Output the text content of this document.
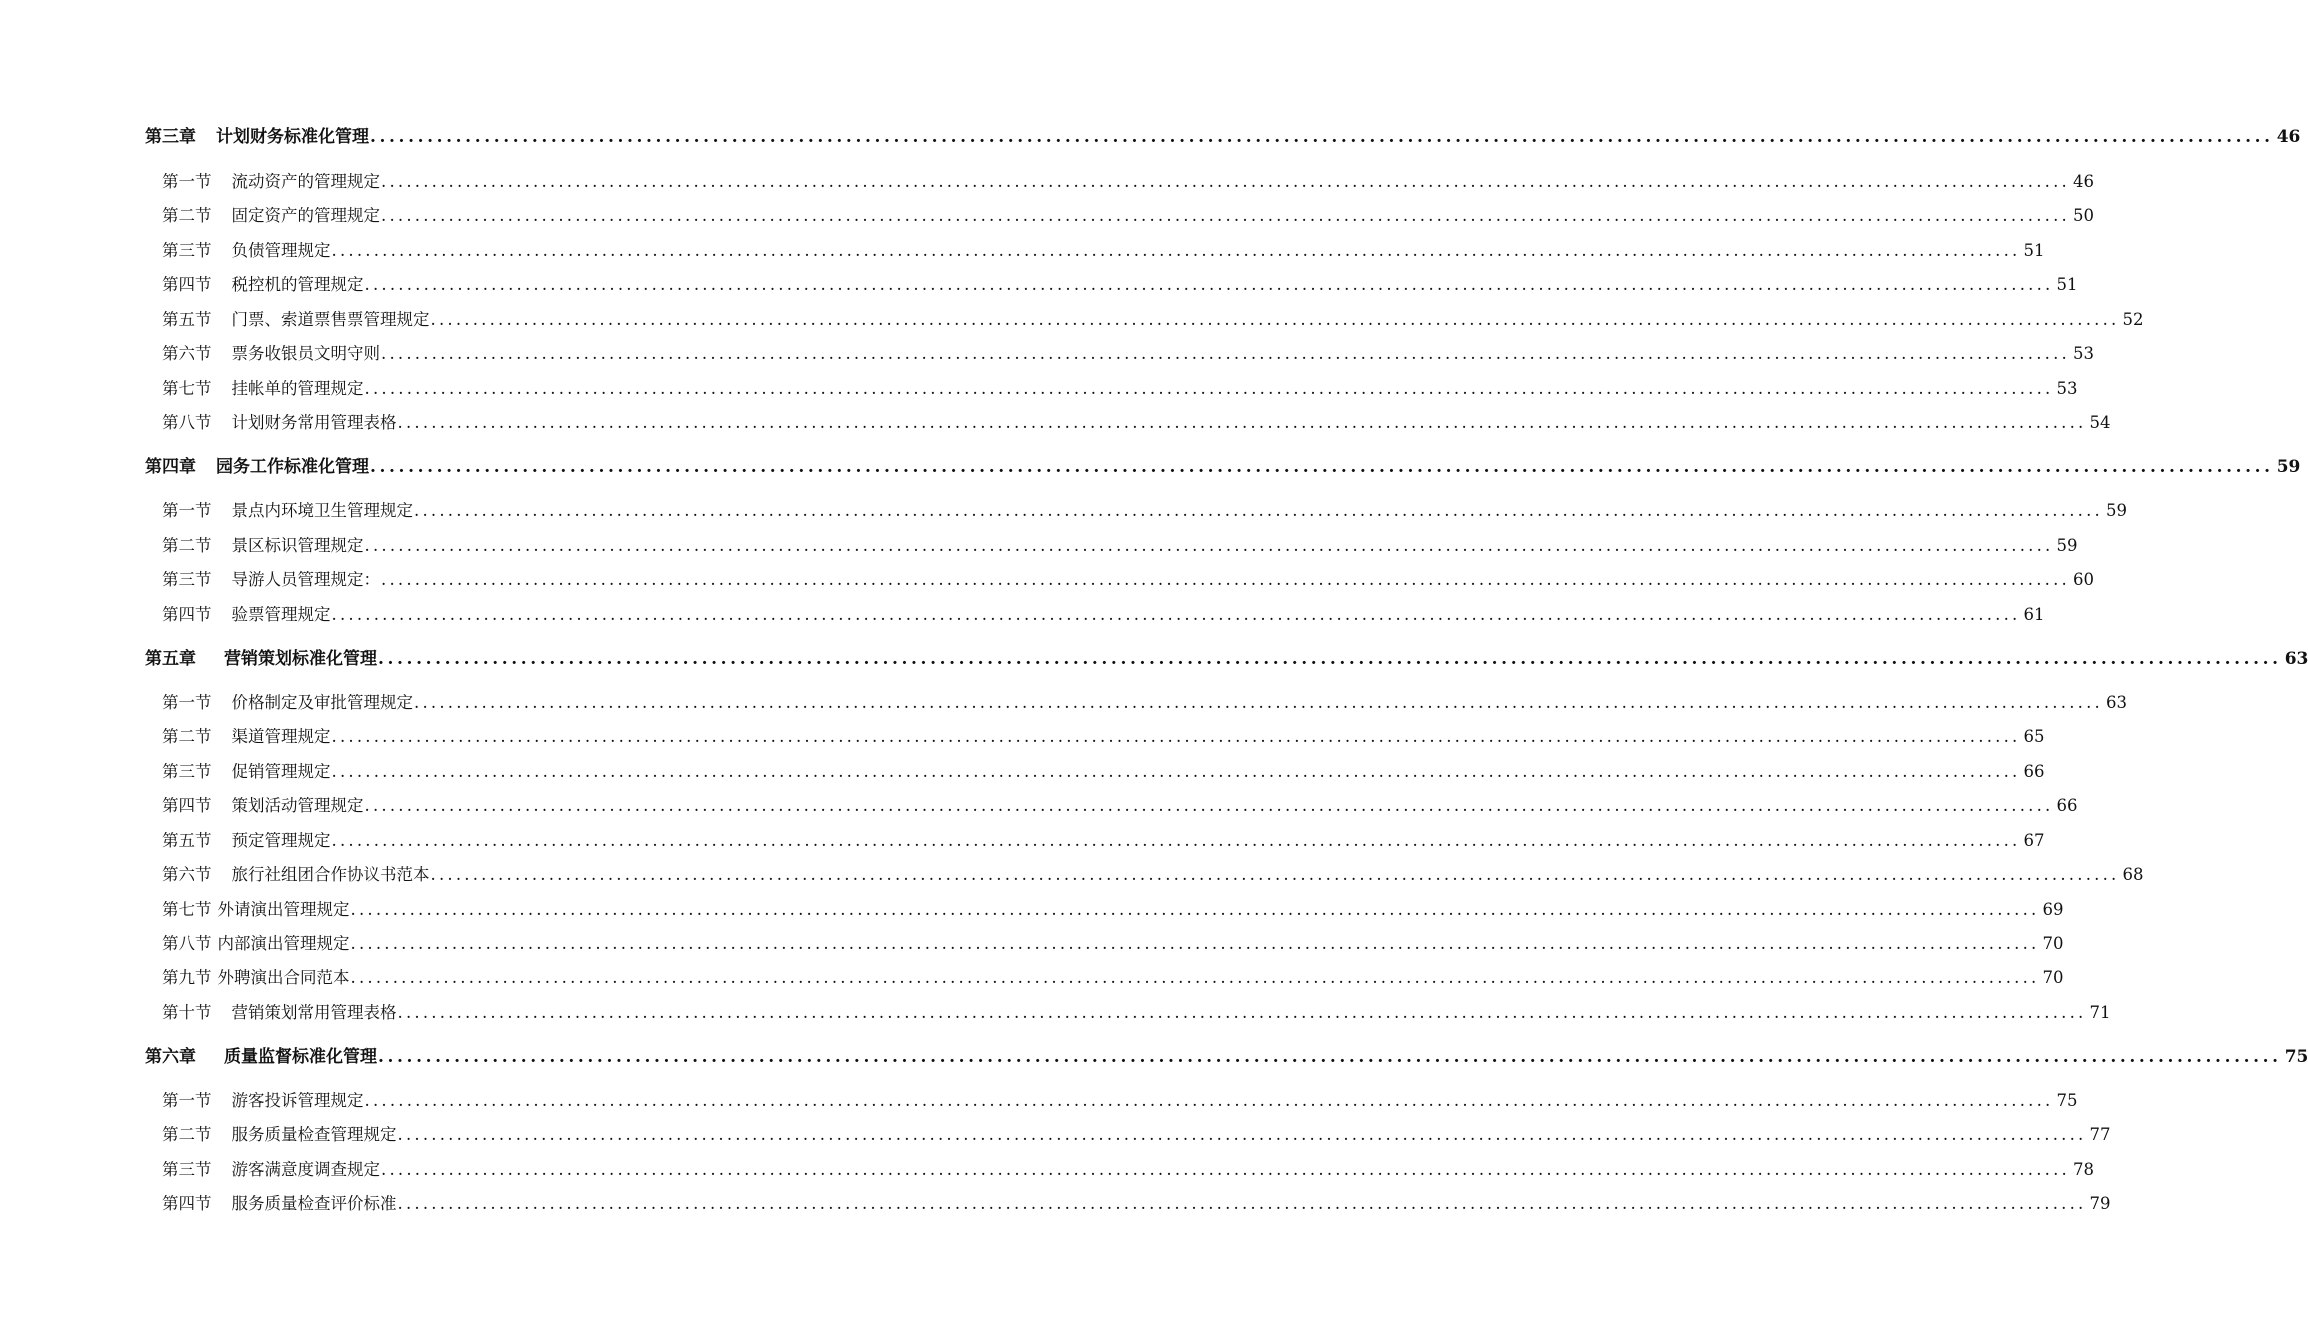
第三章 计划财务标准化管理 ........................................................................................................................................................................................................ 46
第一节 流动资产的管理规定 ........................................................................................................................................................................................................ 46
第二节 固定资产的管理规定 ........................................................................................................................................................................................................ 50
第三节 负债管理规定 ........................................................................................................................................................................................................ 51
第四节 税控机的管理规定 ........................................................................................................................................................................................................ 51
第五节 门票、索道票售票管理规定 ........................................................................................................................................................................................................ 52
第六节 票务收银员文明守则 ........................................................................................................................................................................................................ 53
第七节 挂帐单的管理规定 ........................................................................................................................................................................................................ 53
第八节 计划财务常用管理表格 ........................................................................................................................................................................................................ 54
第四章 园务工作标准化管理 ........................................................................................................................................................................................................ 59
第一节 景点内环境卫生管理规定 ........................................................................................................................................................................................................ 59
第二节 景区标识管理规定 ........................................................................................................................................................................................................ 59
第三节 导游人员管理规定： ........................................................................................................................................................................................................ 60
第四节 验票管理规定 ........................................................................................................................................................................................................ 61
第五章 营销策划标准化管理 ........................................................................................................................................................................................................ 63
第一节 价格制定及审批管理规定 ........................................................................................................................................................................................................ 63
第二节 渠道管理规定 ........................................................................................................................................................................................................ 65
第三节 促销管理规定 ........................................................................................................................................................................................................ 66
第四节 策划活动管理规定 ........................................................................................................................................................................................................ 66
第五节 预定管理规定 ........................................................................................................................................................................................................ 67
第六节 旅行社组团合作协议书范本 ........................................................................................................................................................................................................ 68
第七节 外请演出管理规定 ........................................................................................................................................................................................................ 69
第八节 内部演出管理规定 ........................................................................................................................................................................................................ 70
第九节 外聘演出合同范本 ........................................................................................................................................................................................................ 70
第十节 营销策划常用管理表格 ........................................................................................................................................................................................................ 71
第六章 质量监督标准化管理 ........................................................................................................................................................................................................ 75
第一节 游客投诉管理规定 ........................................................................................................................................................................................................ 75
第二节 服务质量检查管理规定 ........................................................................................................................................................................................................ 77
第三节 游客满意度调查规定 ........................................................................................................................................................................................................ 78
第四节 服务质量检查评价标准 ........................................................................................................................................................................................................ 79
